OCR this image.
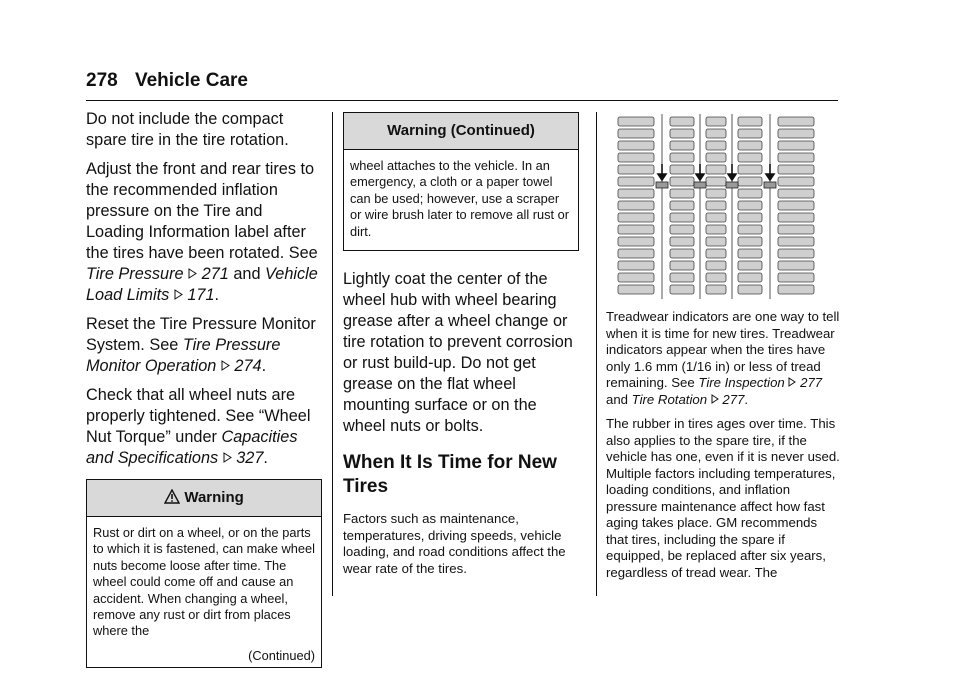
278 Vehicle Care

Do not include the compact spare tire in the tire rotation.

Adjust the front and rear tires to the recommended inflation pressure on the Tire and Loading Information label after the tires have been rotated. See Tire Pressure 271 and Vehicle Load Limits 171.

Reset the Tire Pressure Monitor System. See Tire Pressure Monitor Operation 274.

Check that all wheel nuts are properly tightened. See “Wheel Nut Torque” under Capacities and Specifications 327.

Warning
Rust or dirt on a wheel, or on the parts to which it is fastened, can make wheel nuts become loose after time. The wheel could come off and cause an accident. When changing a wheel, remove any rust or dirt from places where the
(Continued)
Warning (Continued)
wheel attaches to the vehicle. In an emergency, a cloth or a paper towel can be used; however, use a scraper or wire brush later to remove all rust or dirt.

Lightly coat the center of the wheel hub with wheel bearing grease after a wheel change or tire rotation to prevent corrosion or rust build-up. Do not get grease on the flat wheel mounting surface or on the wheel nuts or bolts.

When It Is Time for New Tires

Factors such as maintenance, temperatures, driving speeds, vehicle loading, and road conditions affect the wear rate of the tires.

Treadwear indicators are one way to tell when it is time for new tires. Treadwear indicators appear when the tires have only 1.6 mm (1/16 in) or less of tread remaining. See Tire Inspection 277 and Tire Rotation 277.

The rubber in tires ages over time. This also applies to the spare tire, if the vehicle has one, even if it is never used. Multiple factors including temperatures, loading conditions, and inflation pressure maintenance affect how fast aging takes place. GM recommends that tires, including the spare if equipped, be replaced after six years, regardless of tread wear. The
